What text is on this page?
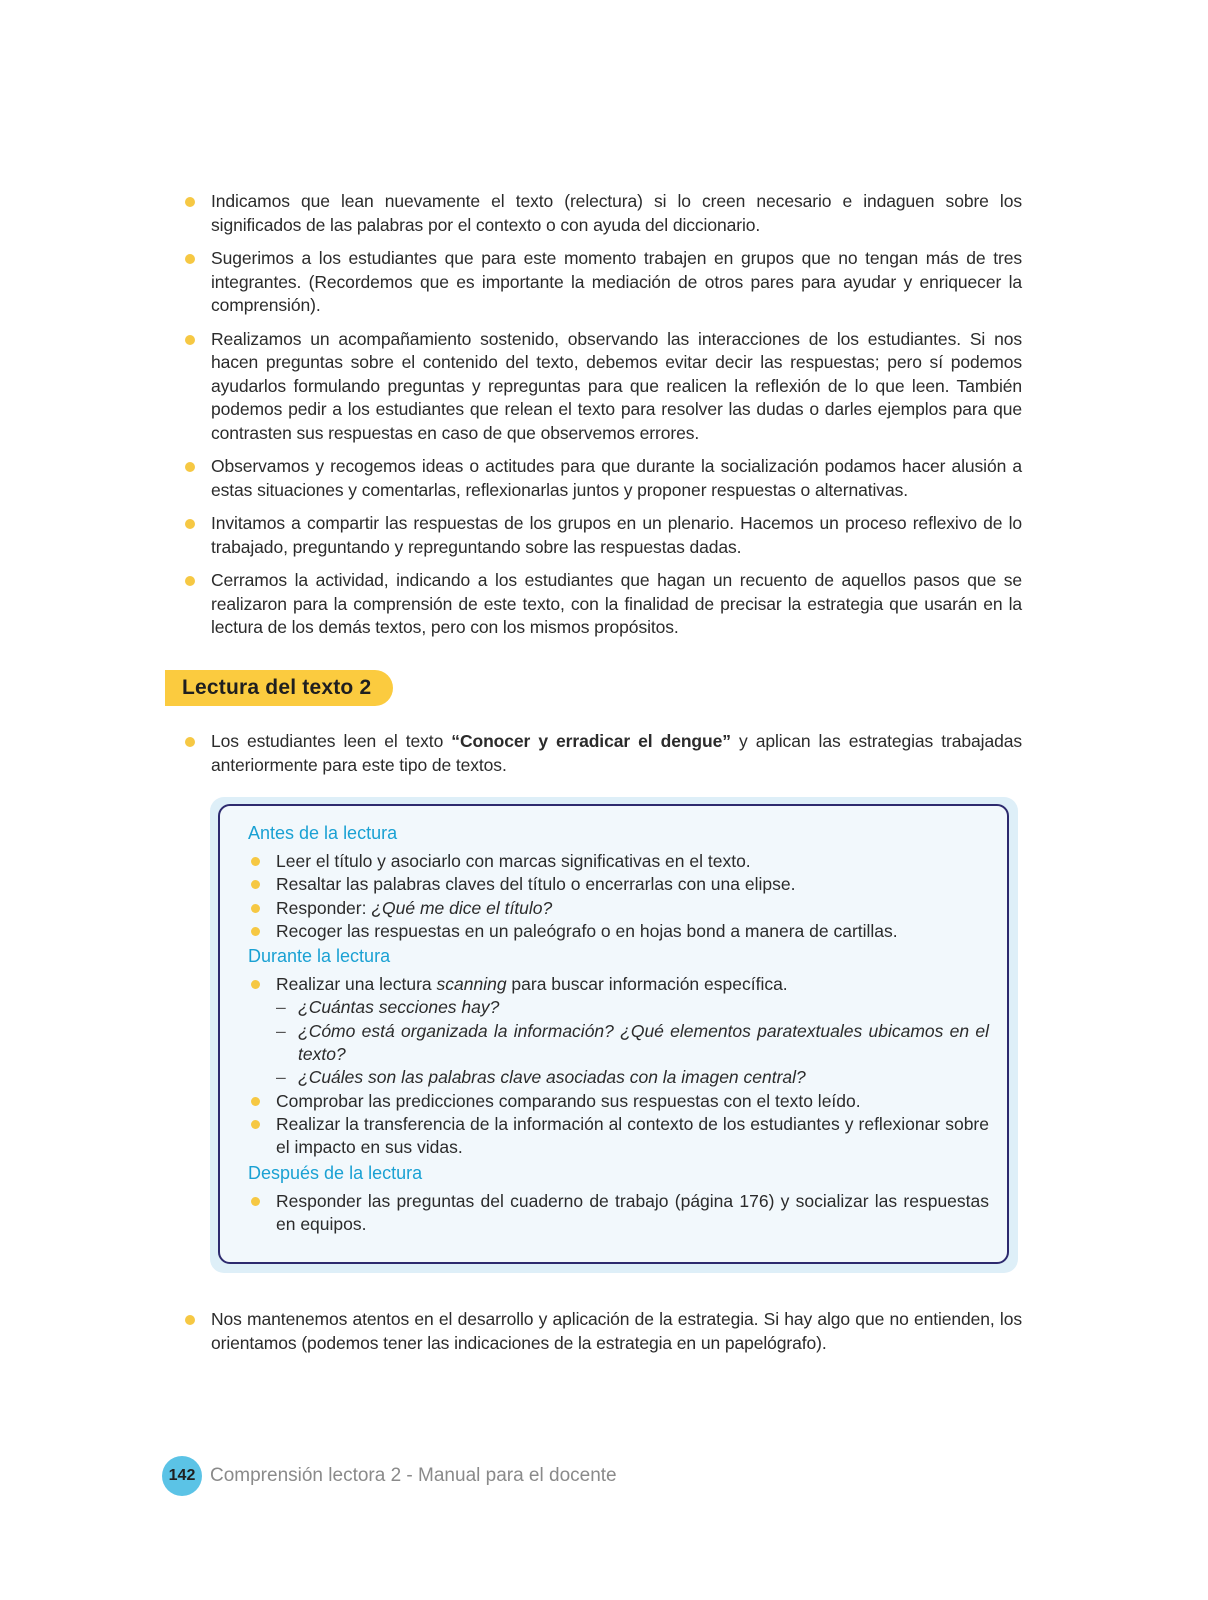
Indicamos que lean nuevamente el texto (relectura) si lo creen necesario e indaguen sobre los significados de las palabras por el contexto o con ayuda del diccionario.
Sugerimos a los estudiantes que para este momento trabajen en grupos que no tengan más de tres integrantes. (Recordemos que es importante la mediación de otros pares para ayudar y enriquecer la comprensión).
Realizamos un acompañamiento sostenido, observando las interacciones de los estudiantes. Si nos hacen preguntas sobre el contenido del texto, debemos evitar decir las respuestas; pero sí podemos ayudarlos formulando preguntas y repreguntas para que realicen la reflexión de lo que leen. También podemos pedir a los estudiantes que relean el texto para resolver las dudas o darles ejemplos para que contrasten sus respuestas en caso de que observemos errores.
Observamos y recogemos ideas o actitudes para que durante la socialización podamos hacer alusión a estas situaciones y comentarlas, reflexionarlas juntos y proponer respuestas o alternativas.
Invitamos a compartir las respuestas de los grupos en un plenario. Hacemos un proceso reflexivo de lo trabajado, preguntando y repreguntando sobre las respuestas dadas.
Cerramos la actividad, indicando a los estudiantes que hagan un recuento de aquellos pasos que se realizaron para la comprensión de este texto, con la finalidad de precisar la estrategia que usarán en la lectura de los demás textos, pero con los mismos propósitos.
Lectura del texto 2
Los estudiantes leen el texto “Conocer y erradicar el dengue” y aplican las estrategias trabajadas anteriormente para este tipo de textos.
Antes de la lectura
Leer el título y asociarlo con marcas significativas en el texto.
Resaltar las palabras claves del título o encerrarlas con una elipse.
Responder: ¿Qué me dice el título?
Recoger las respuestas en un paleógrafo o en hojas bond a manera de cartillas.
Durante la lectura
Realizar una lectura scanning para buscar información específica.
– ¿Cuántas secciones hay?
– ¿Cómo está organizada la información? ¿Qué elementos paratextuales ubicamos en el texto?
– ¿Cuáles son las palabras clave asociadas con la imagen central?
Comprobar las predicciones comparando sus respuestas con el texto leído.
Realizar la transferencia de la información al contexto de los estudiantes y reflexionar sobre el impacto en sus vidas.
Después de la lectura
Responder las preguntas del cuaderno de trabajo (página 176) y socializar las respuestas en equipos.
Nos mantenemos atentos en el desarrollo y aplicación de la estrategia. Si hay algo que no entienden, los orientamos (podemos tener las indicaciones de la estrategia en un papelógrafo).
142 Comprensión lectora 2 - Manual para el docente
